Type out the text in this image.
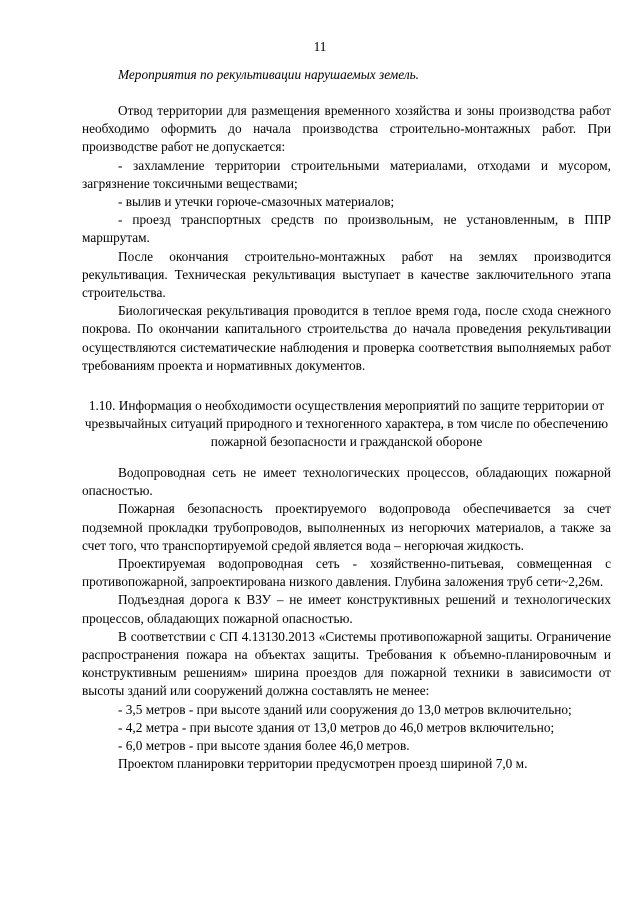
11

Мероприятия по рекультивации нарушаемых земель.

Отвод территории для размещения временного хозяйства и зоны производства работ необходимо оформить до начала производства строительно-монтажных работ. При производстве работ не допускается:

- захламление территории строительными материалами, отходами и мусором, загрязнение токсичными веществами;

- вылив и утечки горюче-смазочных материалов;

- проезд транспортных средств по произвольным, не установленным, в ППР маршрутам.

После окончания строительно-монтажных работ на землях производится рекультивация. Техническая рекультивация выступает в качестве заключительного этапа строительства.

Биологическая рекультивация проводится в теплое время года, после схода снежного покрова. По окончании капитального строительства до начала проведения рекультивации осуществляются систематические наблюдения и проверка соответствия выполняемых работ требованиям проекта и нормативных документов.

1.10. Информация о необходимости осуществления мероприятий по защите территории от чрезвычайных ситуаций природного и техногенного характера, в том числе по обеспечению пожарной безопасности и гражданской обороне

Водопроводная сеть не имеет технологических процессов, обладающих пожарной опасностью.

Пожарная безопасность проектируемого водопровода обеспечивается за счет подземной прокладки трубопроводов, выполненных из негорючих материалов, а также за счет того, что транспортируемой средой является вода – негорючая жидкость.

Проектируемая водопроводная сеть - хозяйственно-питьевая, совмещенная с противопожарной, запроектирована низкого давления. Глубина заложения труб сети~2,26м.

Подъездная дорога к ВЗУ – не имеет конструктивных решений и технологических процессов, обладающих пожарной опасностью.

В соответствии с СП 4.13130.2013 «Системы противопожарной защиты. Ограничение распространения пожара на объектах защиты. Требования к объемно-планировочным и конструктивным решениям» ширина проездов для пожарной техники в зависимости от высоты зданий или сооружений должна составлять не менее:

- 3,5 метров - при высоте зданий или сооружения до 13,0 метров включительно;

- 4,2 метра - при высоте здания от 13,0 метров до 46,0 метров включительно;

- 6,0 метров - при высоте здания более 46,0 метров.

Проектом планировки территории предусмотрен проезд шириной 7,0 м.
